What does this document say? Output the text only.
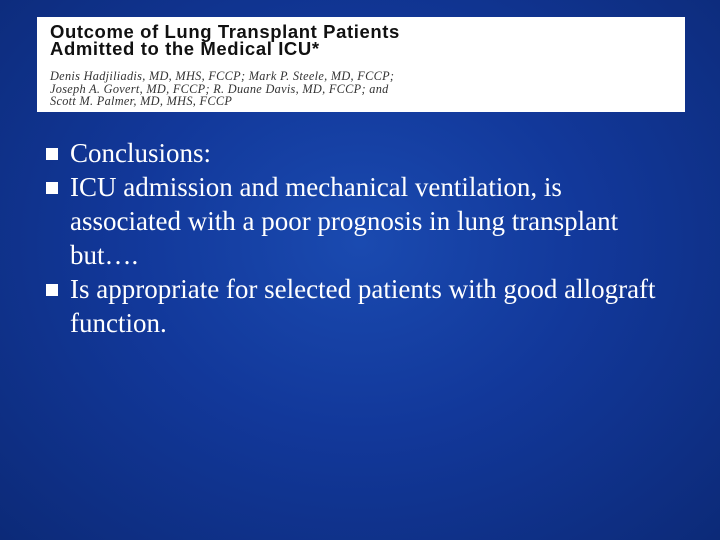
Outcome of Lung Transplant Patients
Admitted to the Medical ICU*
Denis Hadjiliadis, MD, MHS, FCCP; Mark P. Steele, MD, FCCP;
Joseph A. Govert, MD, FCCP; R. Duane Davis, MD, FCCP; and
Scott M. Palmer, MD, MHS, FCCP
Conclusions:
ICU admission and mechanical ventilation, is associated with a poor prognosis in lung transplant but….
Is appropriate for selected patients with good allograft function.
